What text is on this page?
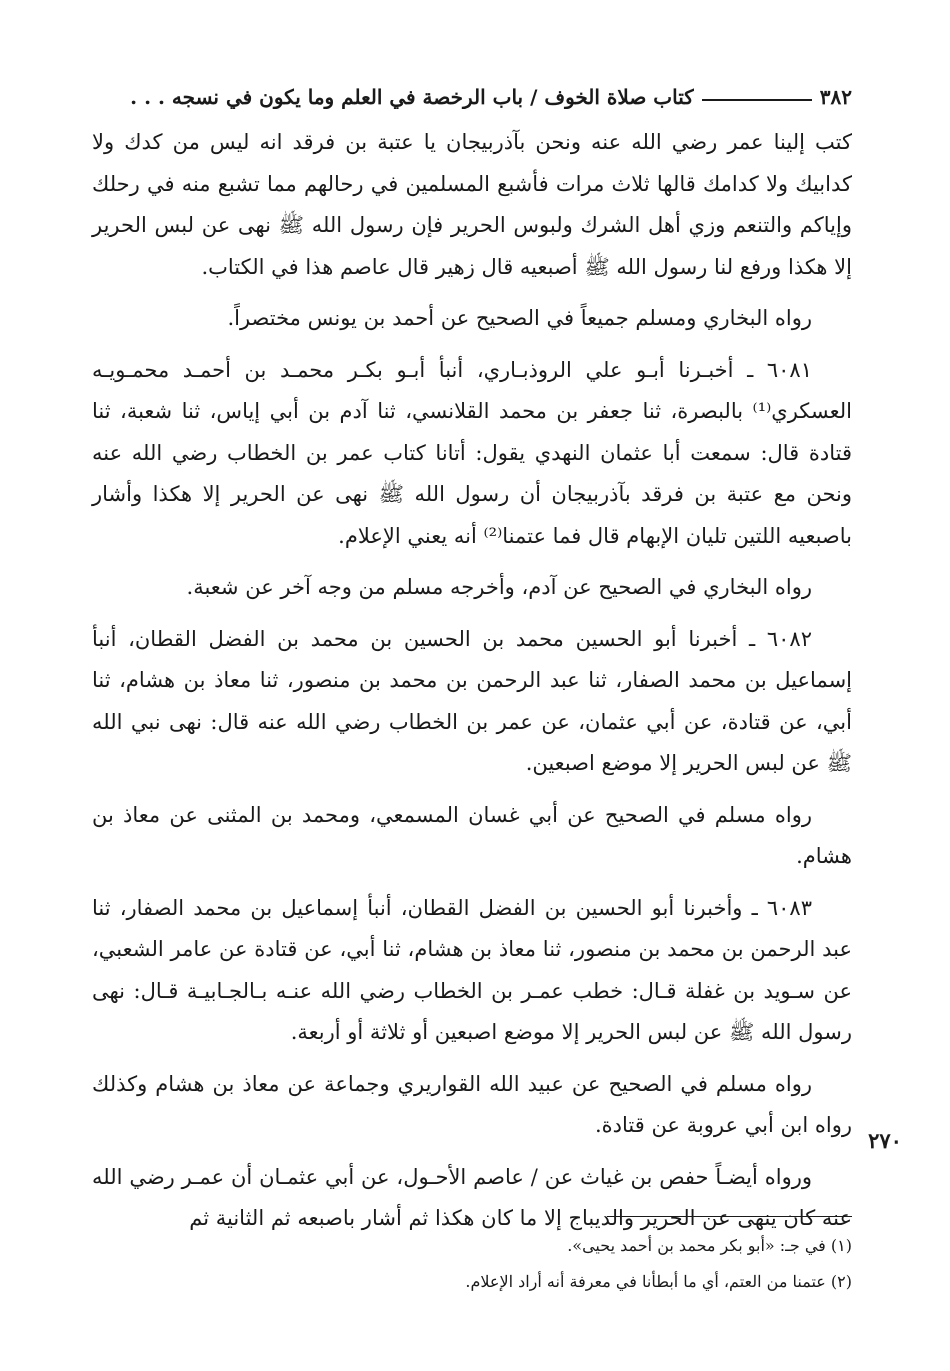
٣٨٢
كتاب صلاة الخوف / باب الرخصة في العلم وما يكون في نسجه . . .

كتب إلينا عمر رضي الله عنه ونحن بآذربيجان يا عتبة بن فرقد انه ليس من كدك ولا كدابيك ولا كدامك قالها ثلاث مرات فأشبع المسلمين في رحالهم مما تشبع منه في رحلك وإياكم والتنعم وزي أهل الشرك ولبوس الحرير فإن رسول الله ﷺ نهى عن لبس الحرير إلا هكذا ورفع لنا رسول الله ﷺ أصبعيه قال زهير قال عاصم هذا في الكتاب.

رواه البخاري ومسلم جميعاً في الصحيح عن أحمد بن يونس مختصراً.

٦٠٨١ ـ أخبـرنا أبـو علي الروذبـاري، أنبأ أبـو بكـر محمـد بن أحمـد محمـويـه العسكري⁽¹⁾ بالبصرة، ثنا جعفر بن محمد القلانسي، ثنا آدم بن أبي إياس، ثنا شعبة، ثنا قتادة قال: سمعت أبا عثمان النهدي يقول: أتانا كتاب عمر بن الخطاب رضي الله عنه ونحن مع عتبة بن فرقد بآذربيجان أن رسول الله ﷺ نهى عن الحرير إلا هكذا وأشار باصبعيه اللتين تليان الإبهام قال فما عتمنا⁽²⁾ أنه يعني الإعلام.

رواه البخاري في الصحيح عن آدم، وأخرجه مسلم من وجه آخر عن شعبة.

٦٠٨٢ ـ أخبرنا أبو الحسين محمد بن الحسين بن محمد بن الفضل القطان، أنبأ إسماعيل بن محمد الصفار، ثنا عبد الرحمن بن محمد بن منصور، ثنا معاذ بن هشام، ثنا أبي، عن قتادة، عن أبي عثمان، عن عمر بن الخطاب رضي الله عنه قال: نهى نبي الله ﷺ عن لبس الحرير إلا موضع اصبعين.

رواه مسلم في الصحيح عن أبي غسان المسمعي، ومحمد بن المثنى عن معاذ بن هشام.

٦٠٨٣ ـ وأخبرنا أبو الحسين بن الفضل القطان، أنبأ إسماعيل بن محمد الصفار، ثنا عبد الرحمن بن محمد بن منصور، ثنا معاذ بن هشام، ثنا أبي، عن قتادة عن عامر الشعبي، عن سـويد بن غفلة قـال: خطب عمـر بن الخطاب رضي الله عنـه بـالجـابيـة قـال: نهى رسول الله ﷺ عن لبس الحرير إلا موضع اصبعين أو ثلاثة أو أربعة.

رواه مسلم في الصحيح عن عبيد الله القواريري وجماعة عن معاذ بن هشام وكذلك رواه ابن أبي عروبة عن قتادة.

ورواه أيضـاً حفص بن غياث عن / عاصم الأحـول، عن أبي عثمـان أن عمـر رضي الله عنه كان ينهى عن الحرير والديباج إلا ما كان هكذا ثم أشار باصبعه ثم الثانية ثم

٢٧٠

(١) في جـ: «أبو بكر محمد بن أحمد يحيى».

(٢) عتمنا من العتم، أي ما أبطأنا في معرفة أنه أراد الإعلام.
